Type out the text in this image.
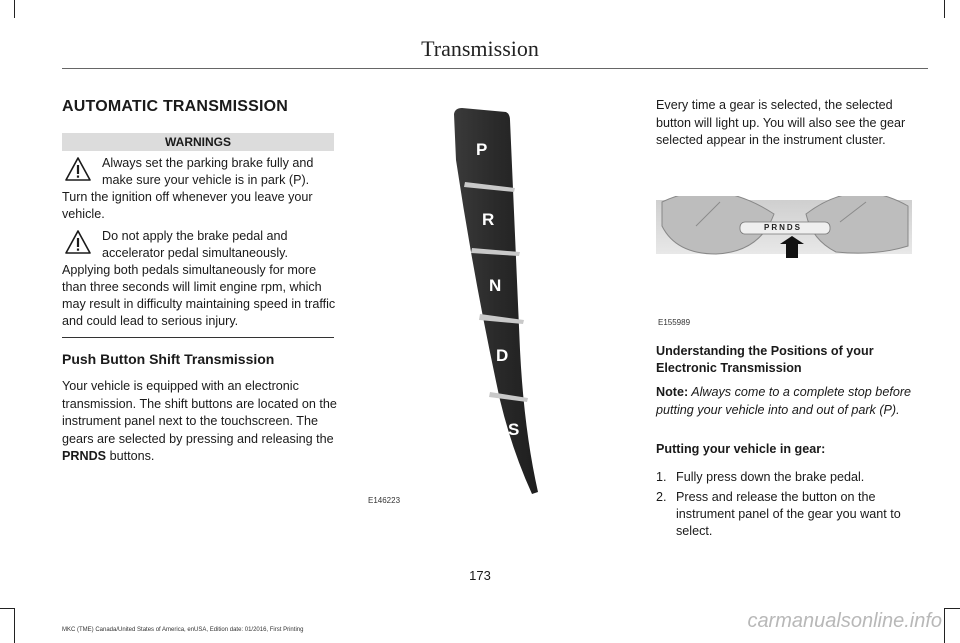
Transmission
AUTOMATIC TRANSMISSION
WARNINGS
Always set the parking brake fully and
make sure your vehicle is in park (P).
Turn the ignition off whenever you leave your vehicle.
Do not apply the brake pedal and
accelerator pedal simultaneously.
Applying both pedals simultaneously for more than three seconds will limit engine rpm, which may result in difficulty maintaining speed in traffic and could lead to serious injury.
Push Button Shift Transmission
Your vehicle is equipped with an electronic transmission. The shift buttons are located on the instrument panel next to the touchscreen. The gears are selected by pressing and releasing the PRNDS buttons.
P
R
N
D
S
E146223
Every time a gear is selected, the selected button will light up. You will also see the gear selected appear in the instrument cluster.
PRNDS
E155989
Understanding the Positions of your Electronic Transmission
Note: Always come to a complete stop before putting your vehicle into and out of park (P).
Putting your vehicle in gear:
1. Fully press down the brake pedal.
2. Press and release the button on the instrument panel of the gear you want to select.
173
MKC (TME) Canada/United States of America, enUSA, Edition date: 01/2016, First Printing	carmanualsonline.info
